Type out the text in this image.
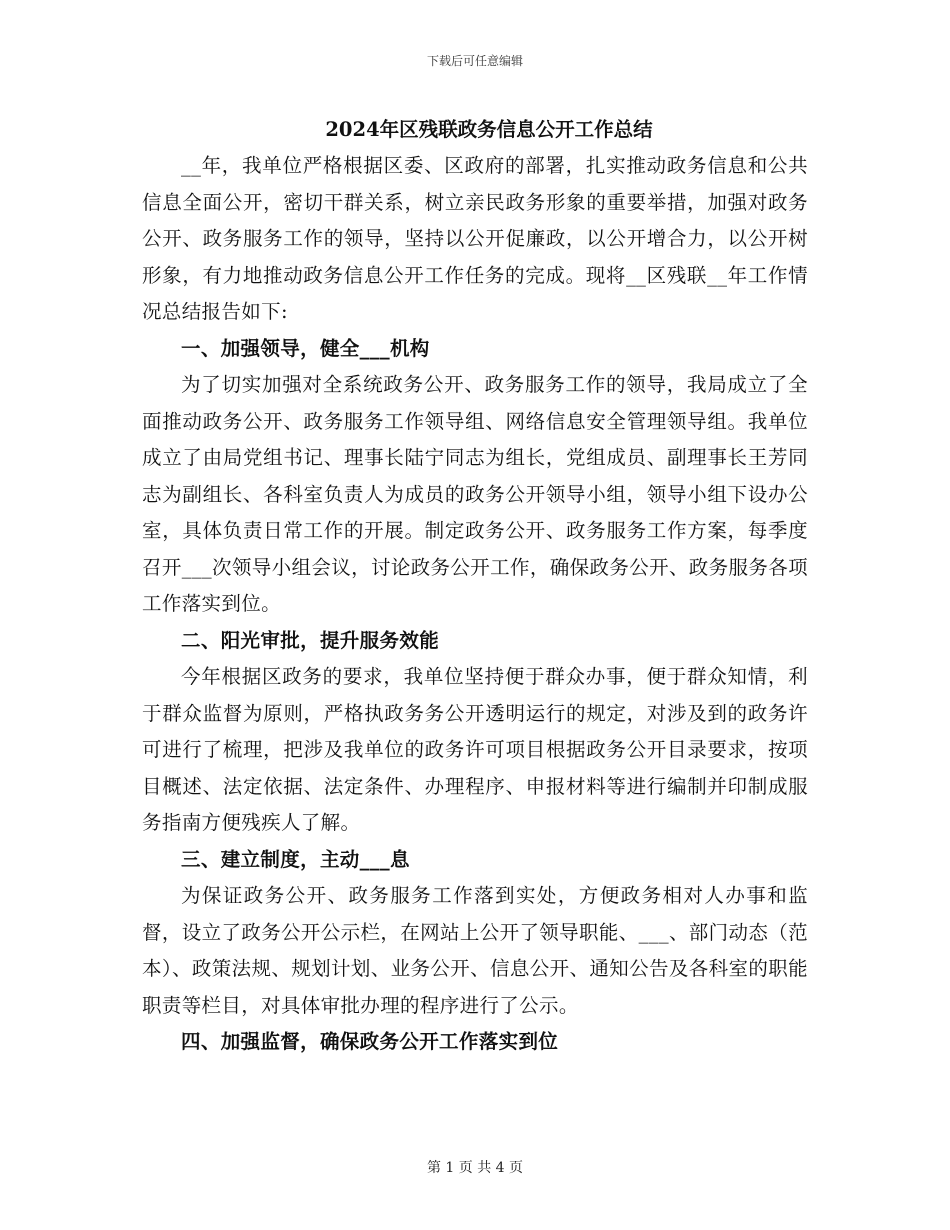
下载后可任意编辑
2024年区残联政务信息公开工作总结

__年，我单位严格根据区委、区政府的部署，扎实推动政务信息和公共信息全面公开，密切干群关系，树立亲民政务形象的重要举措，加强对政务公开、政务服务工作的领导，坚持以公开促廉政，以公开增合力，以公开树形象，有力地推动政务信息公开工作任务的完成。现将__区残联__年工作情况总结报告如下:

一、加强领导，健全___机构

为了切实加强对全系统政务公开、政务服务工作的领导，我局成立了全面推动政务公开、政务服务工作领导组、网络信息安全管理领导组。我单位成立了由局党组书记、理事长陆宁同志为组长，党组成员、副理事长王芳同志为副组长、各科室负责人为成员的政务公开领导小组，领导小组下设办公室，具体负责日常工作的开展。制定政务公开、政务服务工作方案，每季度召开___次领导小组会议，讨论政务公开工作，确保政务公开、政务服务各项工作落实到位。

二、阳光审批，提升服务效能

今年根据区政务的要求，我单位坚持便于群众办事，便于群众知情，利于群众监督为原则，严格执政务务公开透明运行的规定，对涉及到的政务许可进行了梳理，把涉及我单位的政务许可项目根据政务公开目录要求，按项目概述、法定依据、法定条件、办理程序、申报材料等进行编制并印制成服务指南方便残疾人了解。

三、建立制度，主动___息

为保证政务公开、政务服务工作落到实处，方便政务相对人办事和监督，设立了政务公开公示栏，在网站上公开了领导职能、___、部门动态（范本）、政策法规、规划计划、业务公开、信息公开、通知公告及各科室的职能职责等栏目，对具体审批办理的程序进行了公示。

四、加强监督，确保政务公开工作落实到位
第 1 页 共 4 页
